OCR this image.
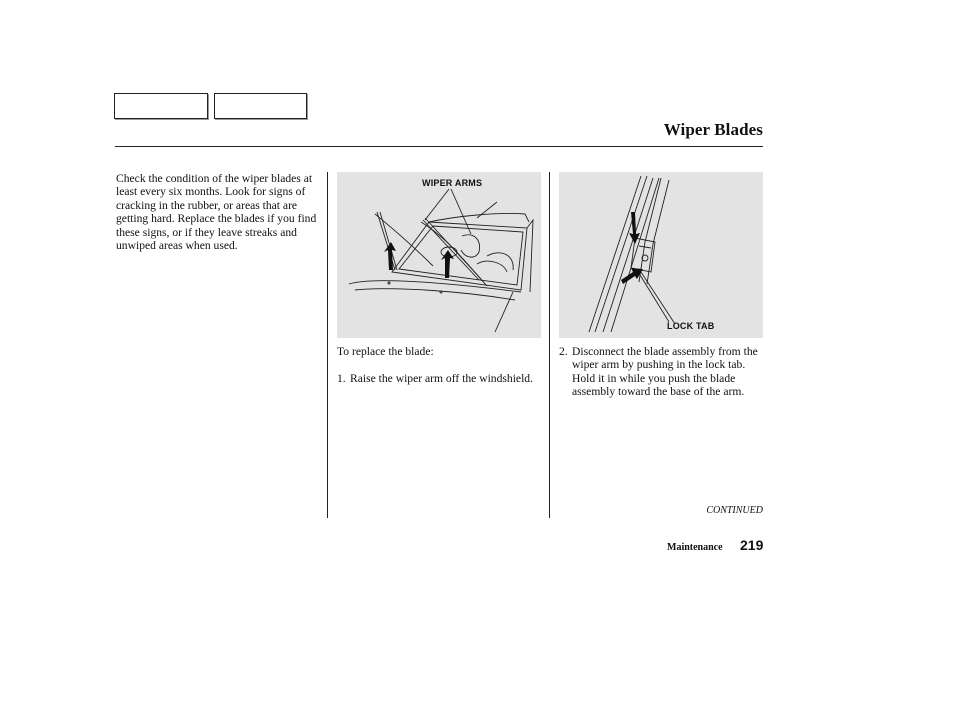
Wiper Blades
Check the condition of the wiper blades at least every six months. Look for signs of cracking in the rubber, or areas that are getting hard. Replace the blades if you find these signs, or if they leave streaks and unwiped areas when used.
WIPER ARMS
LOCK TAB
To replace the blade:
1. Raise the wiper arm off the windshield.
2. Disconnect the blade assembly from the wiper arm by pushing in the lock tab. Hold it in while you push the blade assembly toward the base of the arm.
CONTINUED
Maintenance 219
